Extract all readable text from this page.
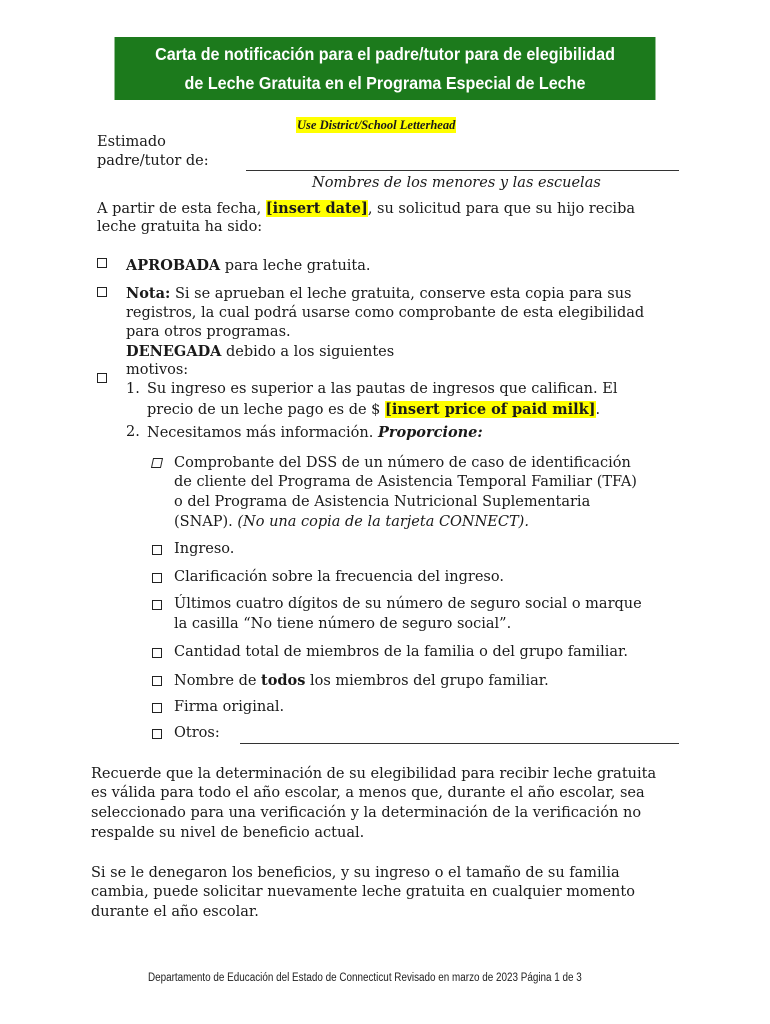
Carta de notificación para el padre/tutor para de elegibilidad
de Leche Gratuita en el Programa Especial de Leche
Use District/School Letterhead
Estimado
padre/tutor de:
Nombres de los menores y las escuelas
A partir de esta fecha, [insert date], su solicitud para que su hijo reciba
leche gratuita ha sido:
APROBADA para leche gratuita.
Nota: Si se aprueban el leche gratuita, conserve esta copia para sus
registros, la cual podrá usarse como comprobante de esta elegibilidad
para otros programas.
DENEGADA debido a los siguientes
motivos:
1. Su ingreso es superior a las pautas de ingresos que califican. El
precio de un leche pago es de $ [insert price of paid milk].
2. Necesitamos más información. Proporcione:
Comprobante del DSS de un número de caso de identificación
de cliente del Programa de Asistencia Temporal Familiar (TFA)
o del Programa de Asistencia Nutricional Suplementaria
(SNAP). (No una copia de la tarjeta CONNECT).
Ingreso.
Clarificación sobre la frecuencia del ingreso.
Últimos cuatro dígitos de su número de seguro social o marque
la casilla “No tiene número de seguro social”.
Cantidad total de miembros de la familia o del grupo familiar.
Nombre de todos los miembros del grupo familiar.
Firma original.
Otros:
Recuerde que la determinación de su elegibilidad para recibir leche gratuita
es válida para todo el año escolar, a menos que, durante el año escolar, sea
seleccionado para una verificación y la determinación de la verificación no
respalde su nivel de beneficio actual.
Si se le denegaron los beneficios, y su ingreso o el tamaño de su familia
cambia, puede solicitar nuevamente leche gratuita en cualquier momento
durante el año escolar.
Departamento de Educación del Estado de Connecticut Revisado en marzo de 2023 Página 1 de 3
